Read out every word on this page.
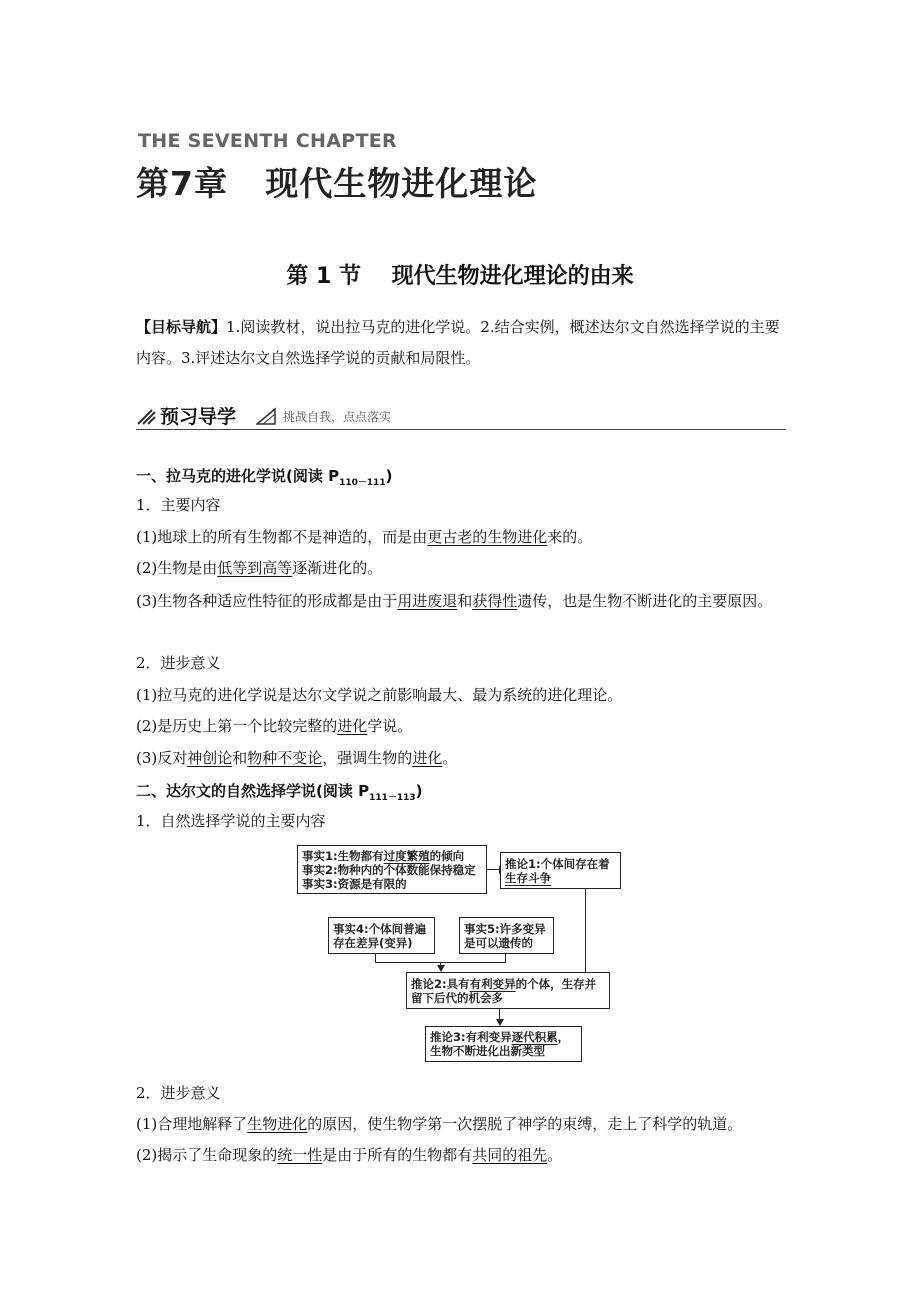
THE SEVENTH CHAPTER
第7章   现代生物进化理论
第 1 节    现代生物进化理论的由来
【目标导航】1.阅读教材，说出拉马克的进化学说。2.结合实例，概述达尔文自然选择学说的主要内容。3.评述达尔文自然选择学说的贡献和局限性。
预习导学	挑战自我，点点落实
一、拉马克的进化学说(阅读 $P_{110-111}$)
1．主要内容
(1)地球上的所有生物都不是神造的，而是由更古老的生物进化来的。
(2)生物是由低等到高等逐渐进化的。
(3)生物各种适应性特征的形成都是由于用进废退和获得性遗传，也是生物不断进化的主要原因。
2．进步意义
(1)拉马克的进化学说是达尔文学说之前影响最大、最为系统的进化理论。
(2)是历史上第一个比较完整的进化学说。
(3)反对神创论和物种不变论，强调生物的进化。
二、达尔文的自然选择学说(阅读 $P_{111-113}$)
1．自然选择学说的主要内容
事实1:生物都有过度繁殖的倾向
事实2:物种内的个体数能保持稳定
事实3:资源是有限的
推论1:个体间存在着
生存斗争
事实4:个体间普遍
存在差异(变异)
事实5:许多变异
是可以遗传的
推论2:具有有利变异的个体，生存并
留下后代的机会多
推论3:有利变异逐代积累，
生物不断进化出新类型
2．进步意义
(1)合理地解释了生物进化的原因，使生物学第一次摆脱了神学的束缚，走上了科学的轨道。
(2)揭示了生命现象的统一性是由于所有的生物都有共同的祖先。
